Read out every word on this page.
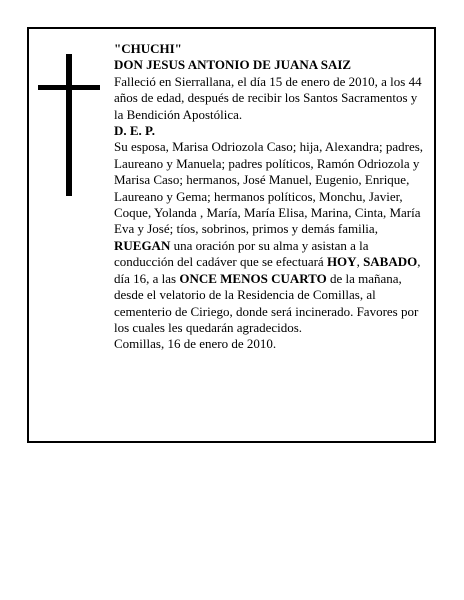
"CHUCHI"

DON JESUS ANTONIO DE JUANA SAIZ

Falleció en Sierrallana, el día 15 de enero de 2010, a los 44 años de edad, después de recibir los Santos Sacramentos y la Bendición Apostólica.

D. E. P.

Su esposa, Marisa Odriozola Caso; hija, Alexandra; padres, Laureano y Manuela; padres políticos, Ramón Odriozola y Marisa Caso; hermanos, José Manuel, Eugenio, Enrique, Laureano y Gema; hermanos políticos, Monchu, Javier, Coque, Yolanda , María, María Elisa, Marina, Cinta, María Eva y José; tíos, sobrinos, primos y demás familia,

RUEGAN una oración por su alma y asistan a la conducción del cadáver que se efectuará HOY, SABADO, día 16, a las ONCE MENOS CUARTO de la mañana, desde el velatorio de la Residencia de Comillas, al cementerio de Ciriego, donde será incinerado. Favores por los cuales les quedarán agradecidos.

Comillas, 16 de enero de 2010.
